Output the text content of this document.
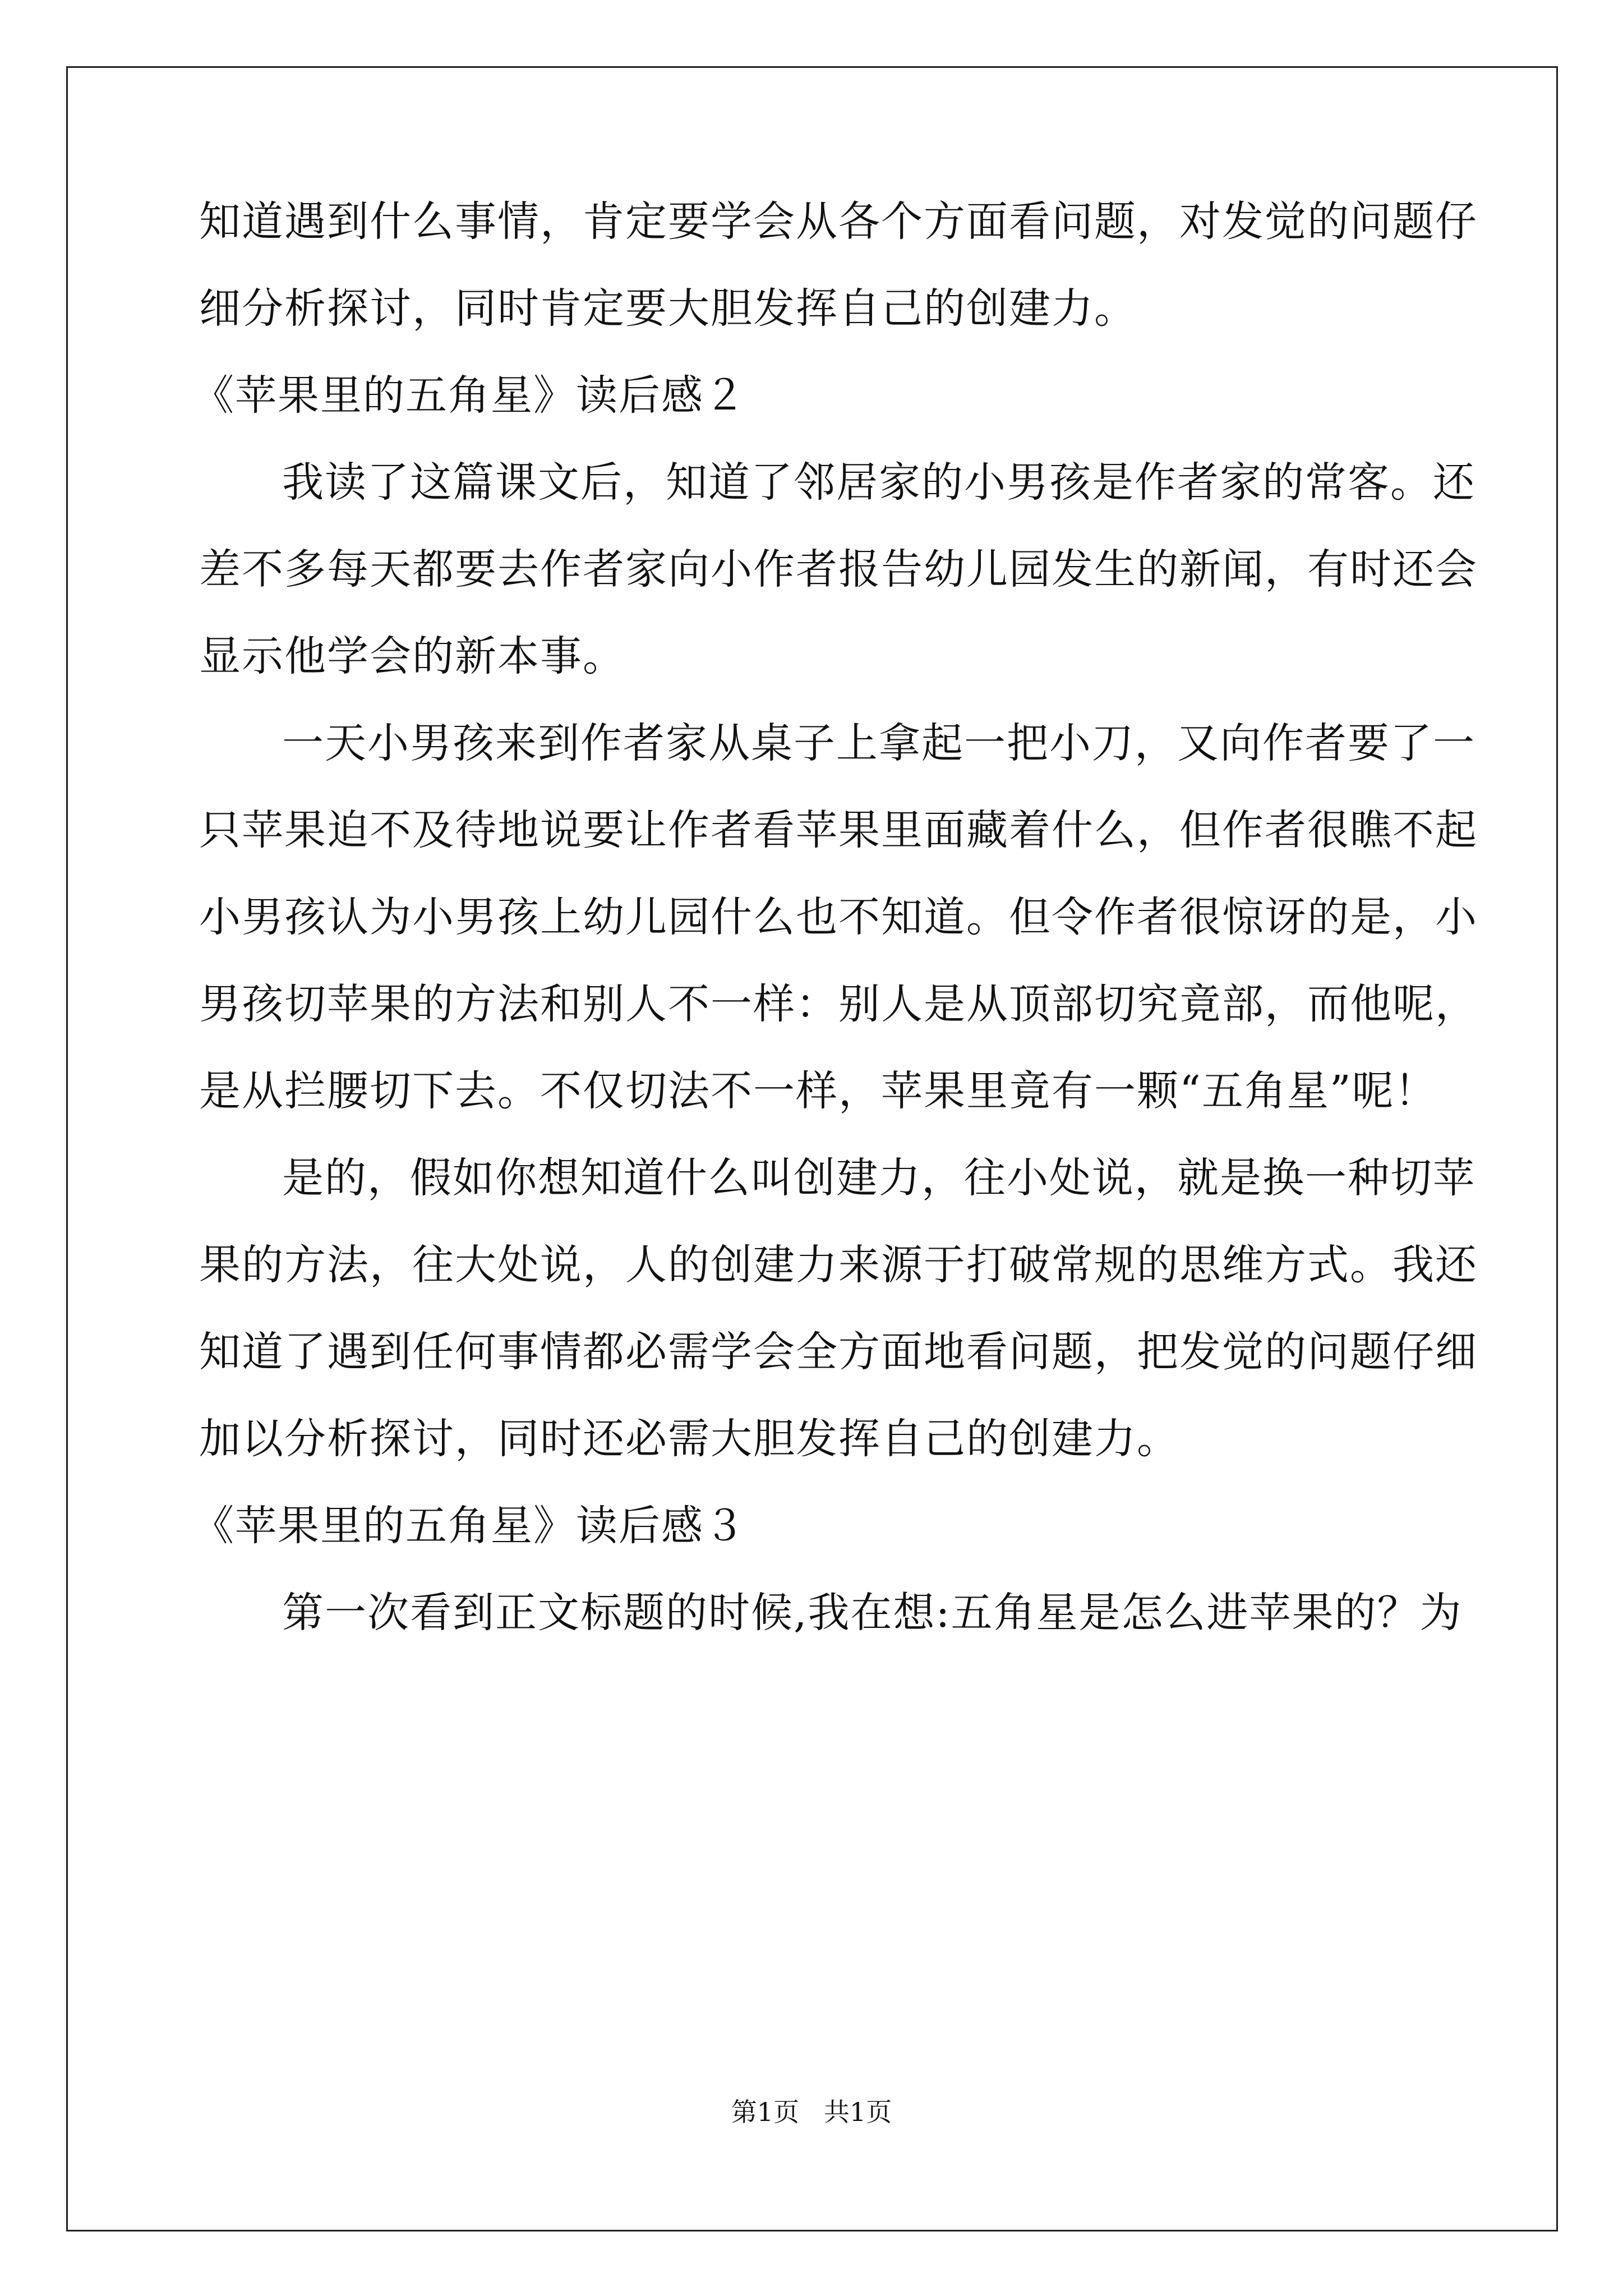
知道遇到什么事情，肯定要学会从各个方面看问题，对发觉的问题仔
细分析探讨，同时肯定要大胆发挥自己的创建力。
《苹果里的五角星》读后感２
我读了这篇课文后，知道了邻居家的小男孩是作者家的常客。还
差不多每天都要去作者家向小作者报告幼儿园发生的新闻，有时还会
显示他学会的新本事。
一天小男孩来到作者家从桌子上拿起一把小刀，又向作者要了一
只苹果迫不及待地说要让作者看苹果里面藏着什么，但作者很瞧不起
小男孩认为小男孩上幼儿园什么也不知道。但令作者很惊讶的是，小
男孩切苹果的方法和别人不一样：别人是从顶部切究竟部，而他呢，
是从拦腰切下去。不仅切法不一样，苹果里竟有一颗“五角星”呢！
是的，假如你想知道什么叫创建力，往小处说，就是换一种切苹
果的方法，往大处说，人的创建力来源于打破常规的思维方式。我还
知道了遇到任何事情都必需学会全方面地看问题，把发觉的问题仔细
加以分析探讨，同时还必需大胆发挥自己的创建力。
《苹果里的五角星》读后感３
第一次看到正文标题的时候,我在想:五角星是怎么进苹果的？为
第1页   共1页
